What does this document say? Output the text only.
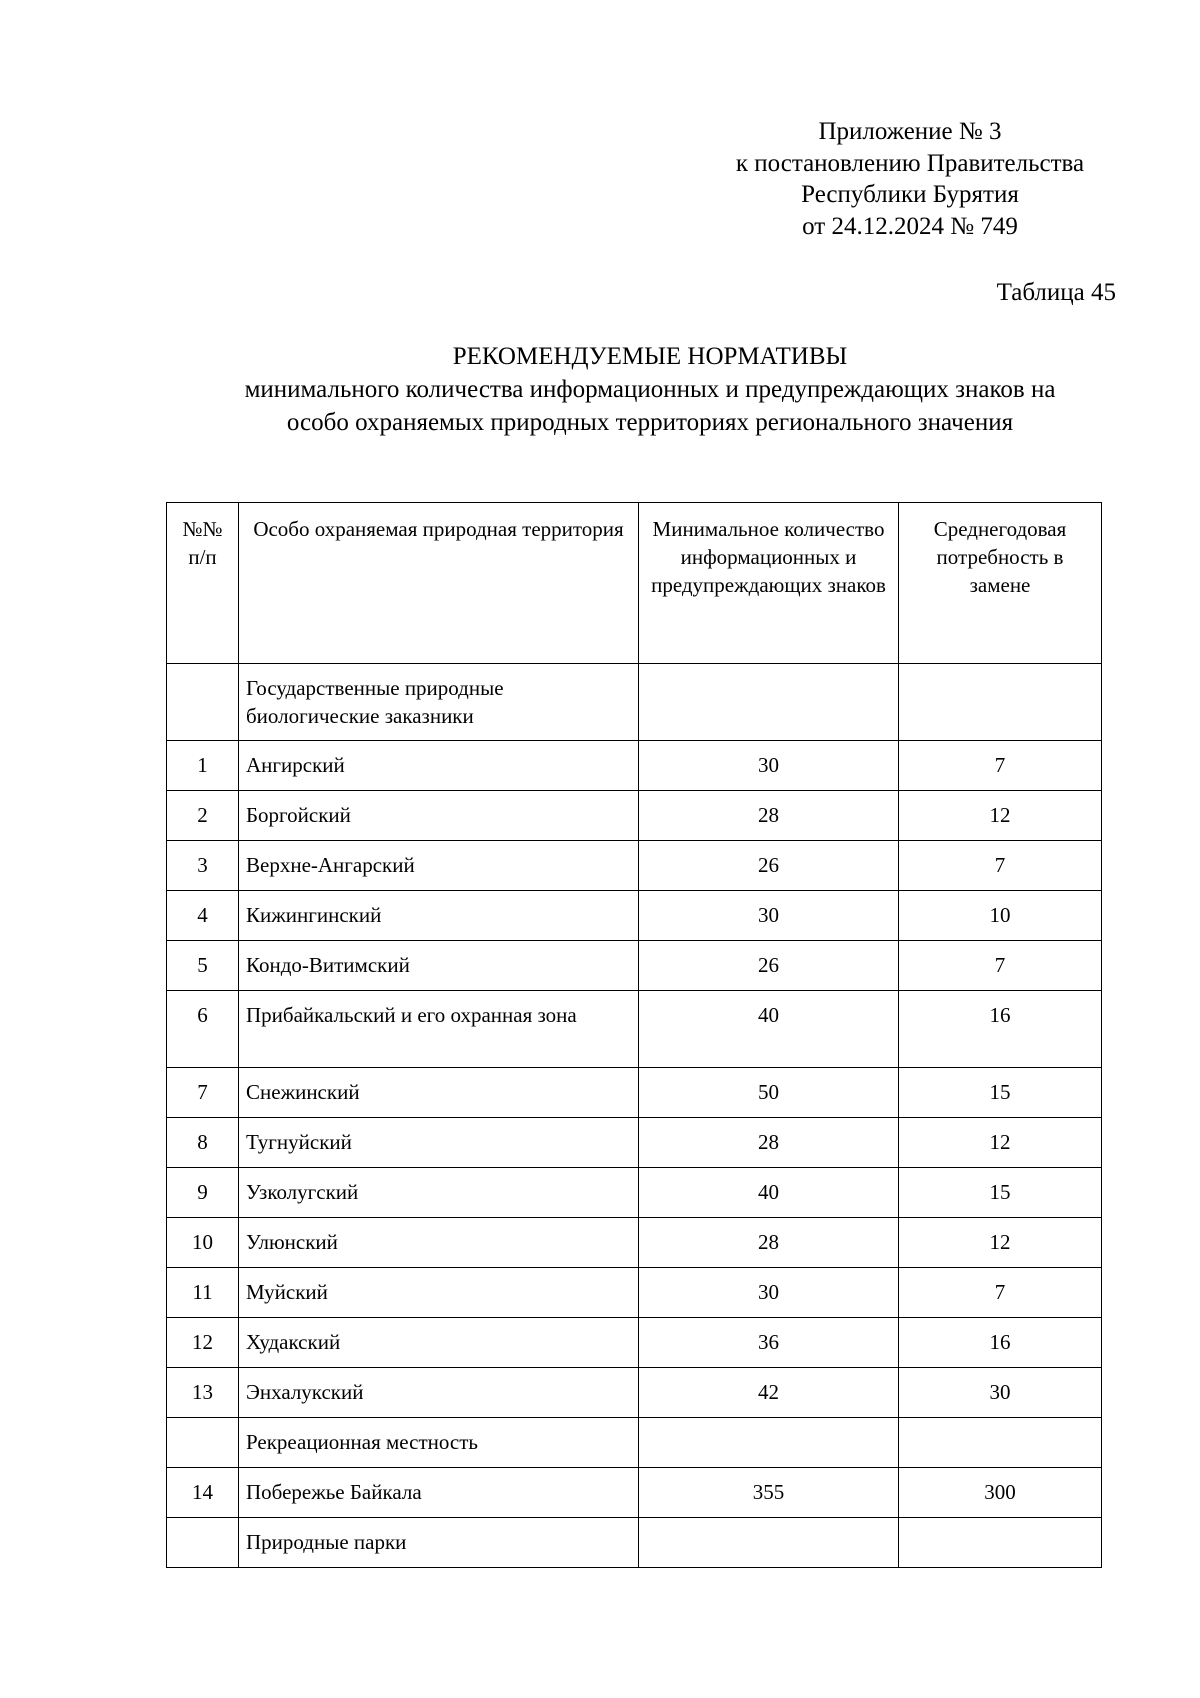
Приложение № 3
к постановлению Правительства
Республики Бурятия
от 24.12.2024 № 749
Таблица 45
РЕКОМЕНДУЕМЫЕ НОРМАТИВЫ
минимального количества информационных и предупреждающих знаков на
особо охраняемых природных территориях регионального значения
№№ п/п	Особо охраняемая природная территория	Минимальное количество информационных и предупреждающих знаков	Среднегодовая потребность в замене
	Государственные природные биологические заказники		
1	Ангирский	30	7
2	Боргойский	28	12
3	Верхне-Ангарский	26	7
4	Кижингинский	30	10
5	Кондо-Витимский	26	7
6	Прибайкальский и его охранная зона	40	16
7	Снежинский	50	15
8	Тугнуйский	28	12
9	Узколугский	40	15
10	Улюнский	28	12
11	Муйский	30	7
12	Худакский	36	16
13	Энхалукский	42	30
	Рекреационная местность		
14	Побережье Байкала	355	300
	Природные парки		
